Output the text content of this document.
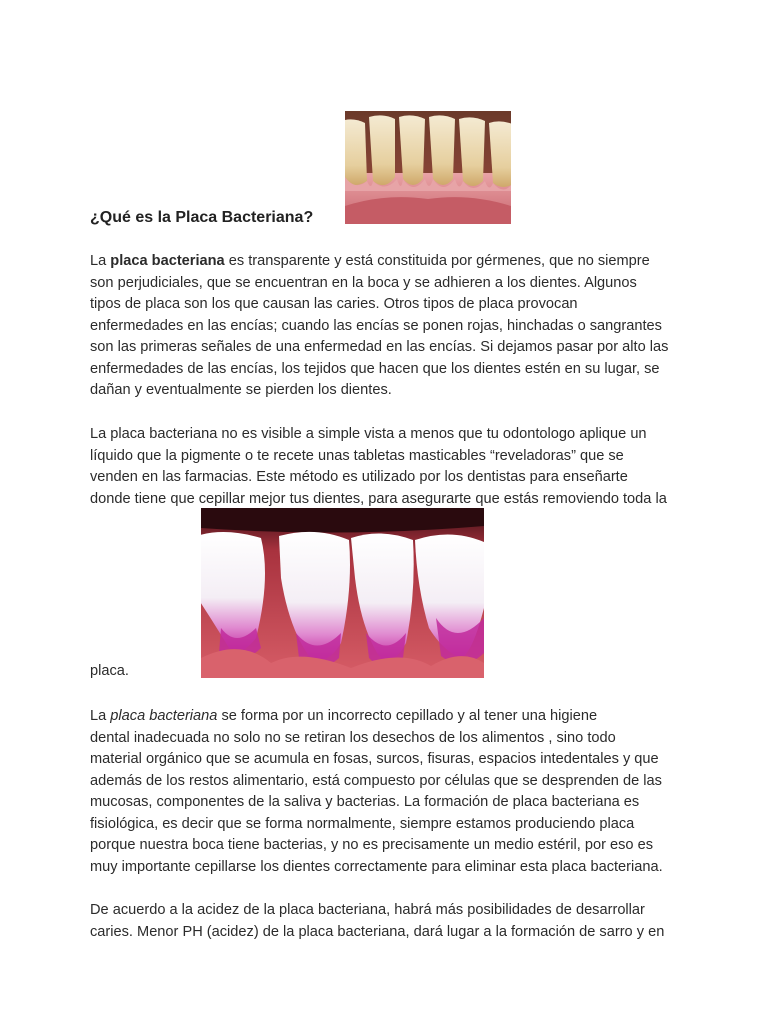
¿Qué es la Placa Bacteriana?

La placa bacteriana es transparente y está constituida por gérmenes, que no siempre
son perjudiciales, que se encuentran en la boca y se adhieren a los dientes. Algunos
tipos de placa son los que causan las caries. Otros tipos de placa provocan
enfermedades en las encías; cuando las encías se ponen rojas, hinchadas o sangrantes
son las primeras señales de una enfermedad en las encías. Si dejamos pasar por alto las
enfermedades de las encías, los tejidos que hacen que los dientes estén en su lugar, se
dañan y eventualmente se pierden los dientes.

La placa bacteriana no es visible a simple vista a menos que tu odontologo aplique un
líquido que la pigmente o te recete unas tabletas masticables “reveladoras” que se
venden en las farmacias. Este método es utilizado por los dentistas para enseñarte
donde tiene que cepillar mejor tus dientes, para asegurarte que estás removiendo toda la

placa.

La placa bacteriana se forma por un incorrecto cepillado y al tener una higiene
dental inadecuada no solo no se retiran los desechos de los alimentos , sino todo
material orgánico que se acumula en fosas, surcos, fisuras, espacios intedentales y que
además de los restos alimentario, está compuesto por células que se desprenden de las
mucosas, componentes de la saliva y bacterias. La formación de placa bacteriana es
fisiológica, es decir que se forma normalmente, siempre estamos produciendo placa
porque nuestra boca tiene bacterias, y no es precisamente un medio estéril, por eso es
muy importante cepillarse los dientes correctamente para eliminar esta placa bacteriana.

De acuerdo a la acidez de la placa bacteriana, habrá más posibilidades de desarrollar
caries. Menor PH (acidez) de la placa bacteriana, dará lugar a la formación de sarro y en
